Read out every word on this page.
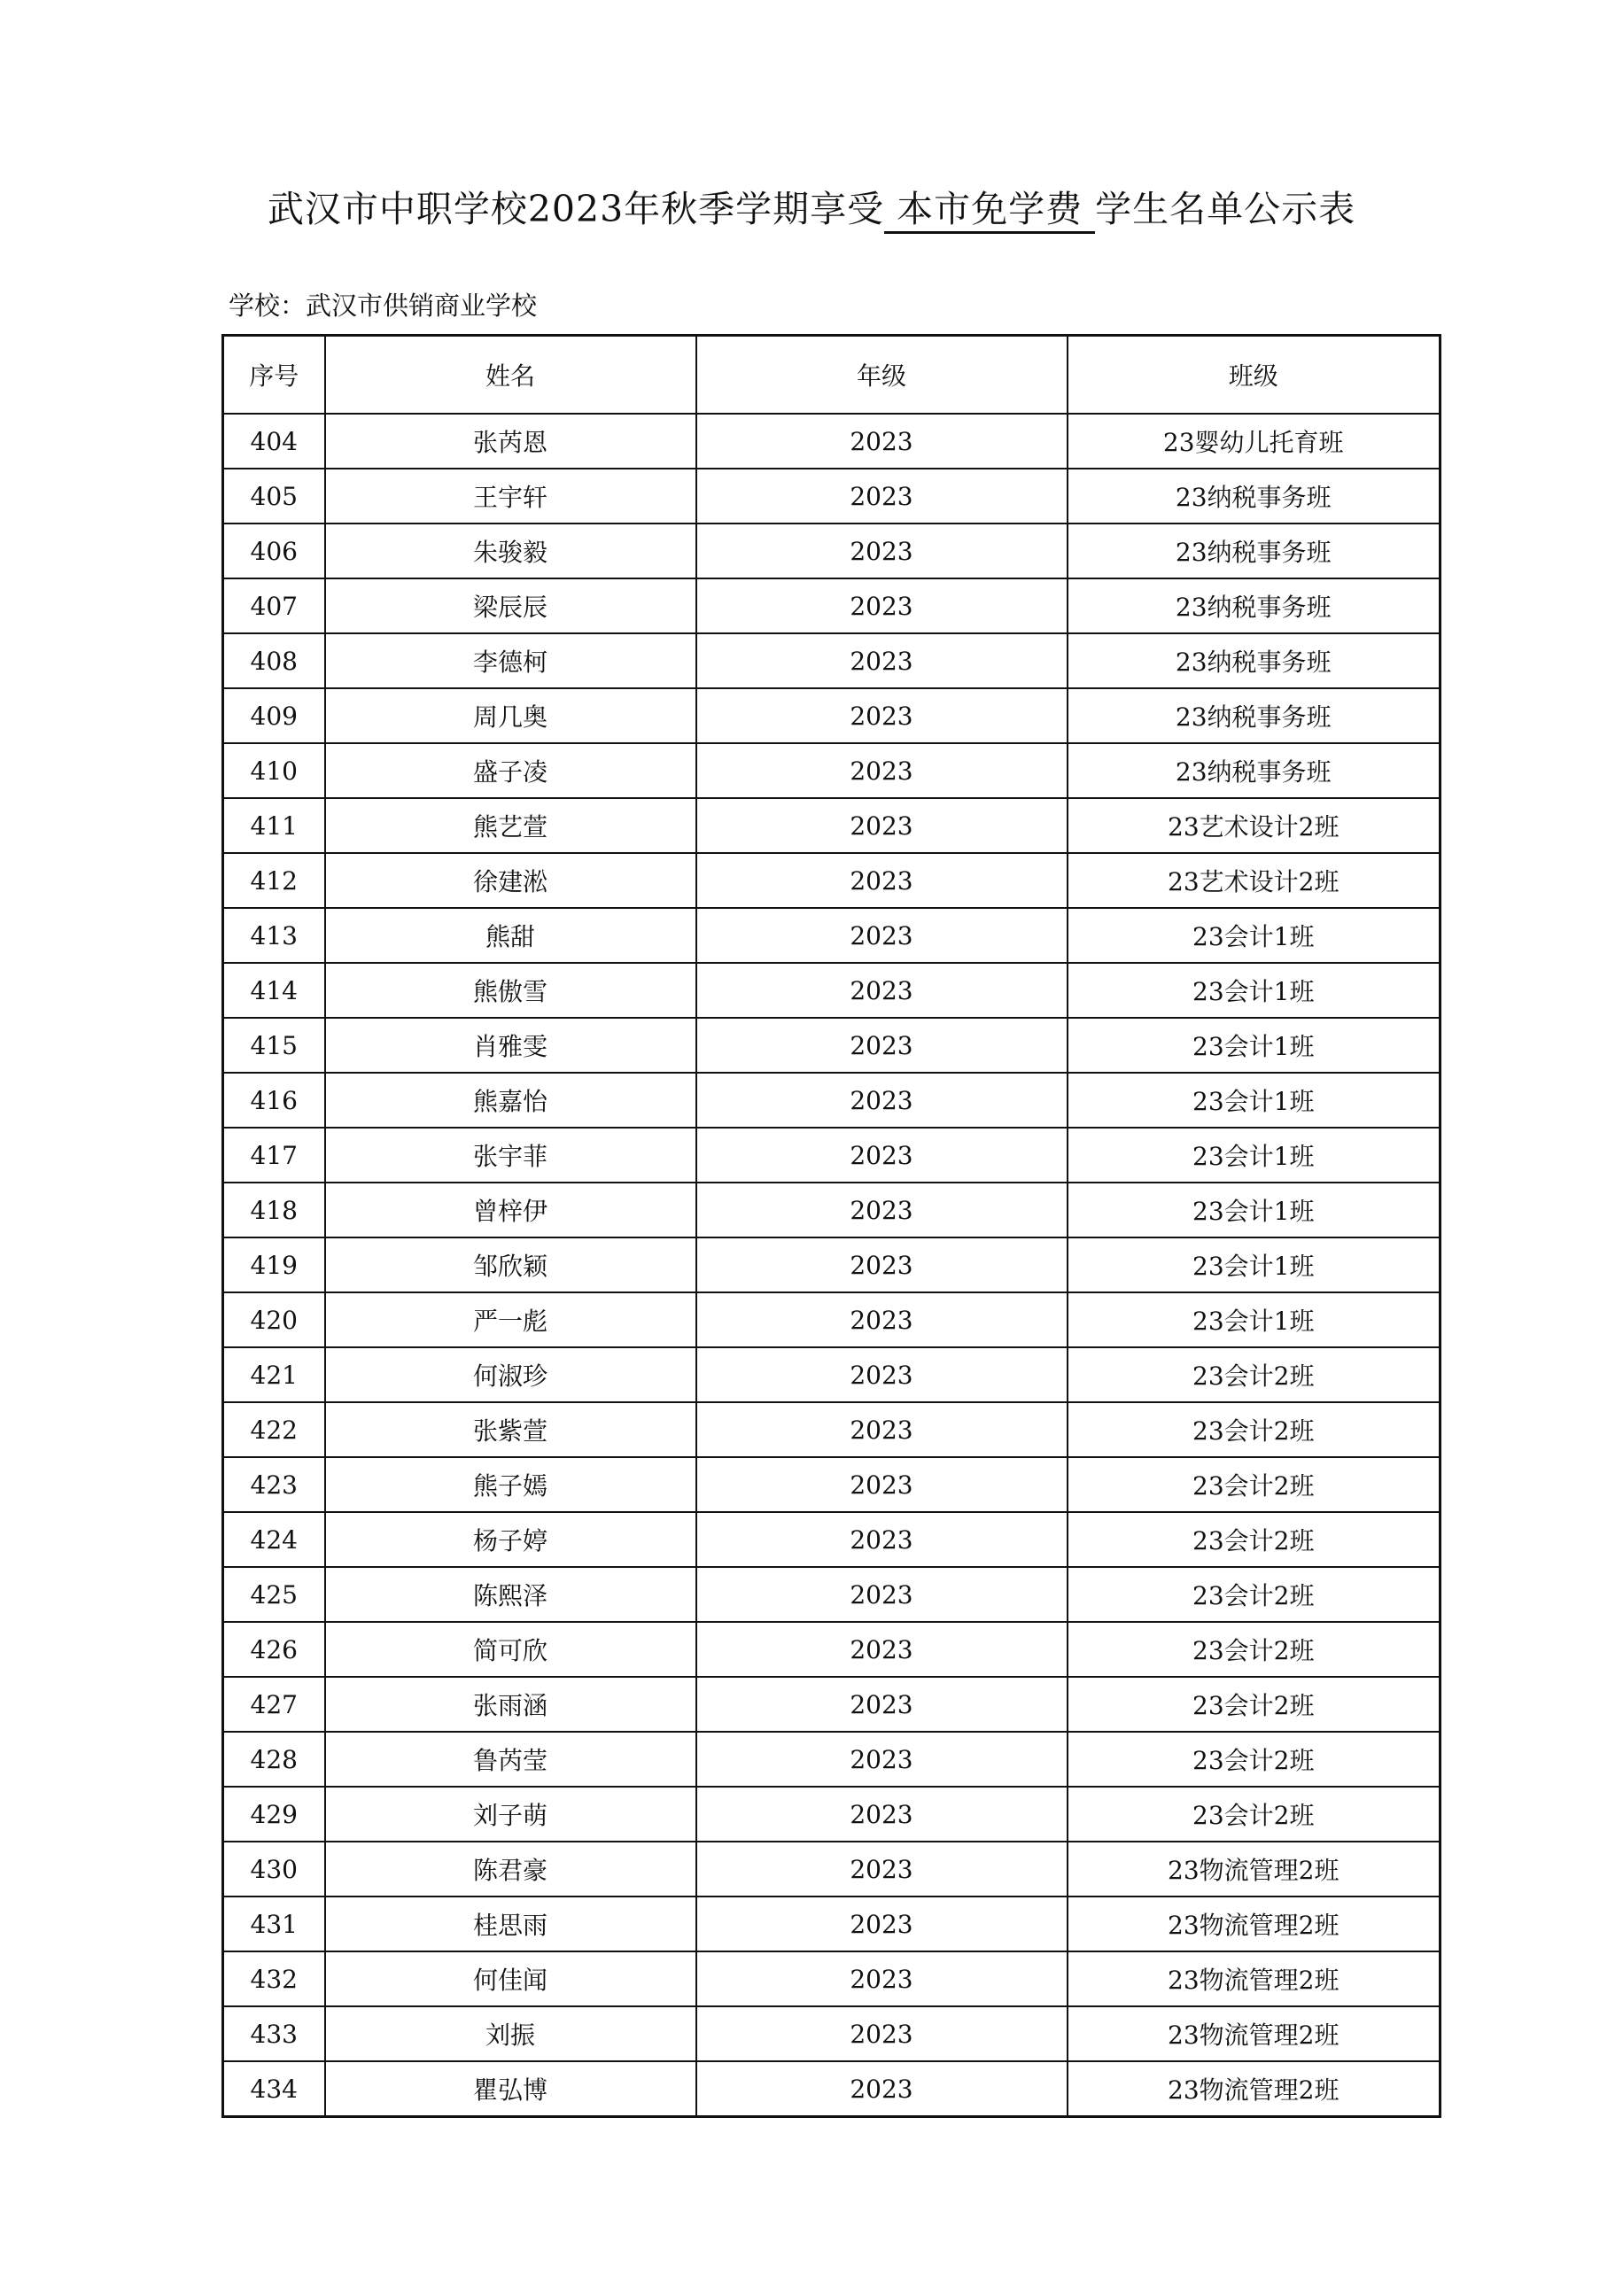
武汉市中职学校2023年秋季学期享受 本市免学费 学生名单公示表
学校：武汉市供销商业学校
序号	姓名	年级	班级
404	张芮恩	2023	23婴幼儿托育班
405	王宇轩	2023	23纳税事务班
406	朱骏毅	2023	23纳税事务班
407	梁辰辰	2023	23纳税事务班
408	李德柯	2023	23纳税事务班
409	周几奥	2023	23纳税事务班
410	盛子凌	2023	23纳税事务班
411	熊艺萱	2023	23艺术设计2班
412	徐建淞	2023	23艺术设计2班
413	熊甜	2023	23会计1班
414	熊傲雪	2023	23会计1班
415	肖雅雯	2023	23会计1班
416	熊嘉怡	2023	23会计1班
417	张宇菲	2023	23会计1班
418	曾梓伊	2023	23会计1班
419	邹欣颖	2023	23会计1班
420	严一彪	2023	23会计1班
421	何淑珍	2023	23会计2班
422	张紫萱	2023	23会计2班
423	熊子嫣	2023	23会计2班
424	杨子婷	2023	23会计2班
425	陈熙泽	2023	23会计2班
426	简可欣	2023	23会计2班
427	张雨涵	2023	23会计2班
428	鲁芮莹	2023	23会计2班
429	刘子萌	2023	23会计2班
430	陈君豪	2023	23物流管理2班
431	桂思雨	2023	23物流管理2班
432	何佳闻	2023	23物流管理2班
433	刘振	2023	23物流管理2班
434	瞿弘博	2023	23物流管理2班
